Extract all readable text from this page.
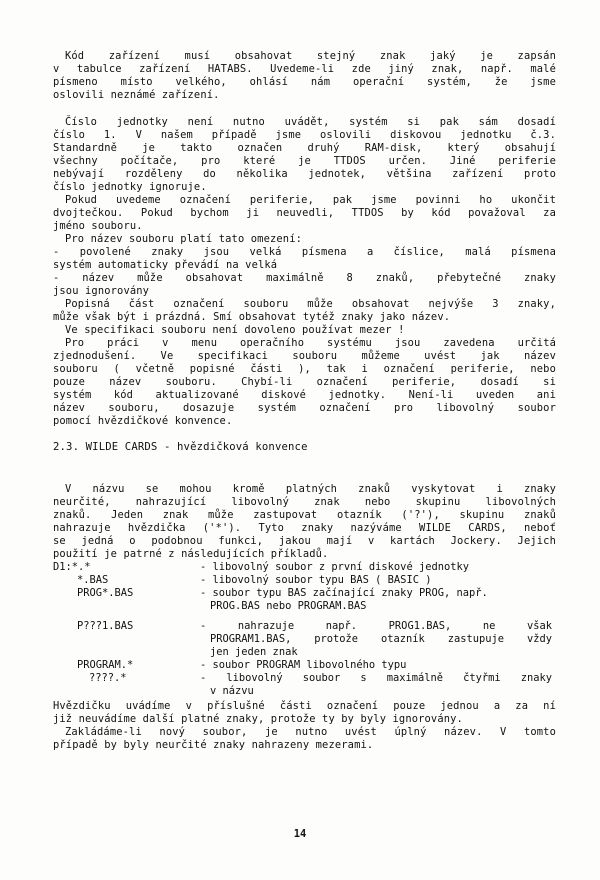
Kód zařízení musí obsahovat stejný znak jaký je zapsán
v tabulce zařízení HATABS. Uvedeme-li zde jiný znak, např. malé
písmeno místo velkého, ohlásí nám operační systém, že jsme
oslovili neznámé zařízení.
Číslo jednotky není nutno uvádět, systém si pak sám dosadí
číslo 1. V našem případě jsme oslovili diskovou jednotku č.3.
Standardně je takto označen druhý RAM-disk, který obsahují
všechny počítače, pro které je TTDOS určen. Jiné periferie
nebývají rozděleny do několika jednotek, většina zařízení proto
číslo jednotky ignoruje.
Pokud uvedeme označení periferie, pak jsme povinni ho ukončit
dvojtečkou. Pokud bychom ji neuvedli, TTDOS by kód považoval za
jméno souboru.
Pro název souboru platí tato omezení:
- povolené znaky jsou velká písmena a číslice, malá písmena
systém automaticky převádí na velká
- název může obsahovat maximálně 8 znaků, přebytečné znaky
jsou ignorovány
Popisná část označení souboru může obsahovat nejvýše 3 znaky,
může však být i prázdná. Smí obsahovat tytéž znaky jako název.
Ve specifikaci souboru není dovoleno používat mezer !
Pro práci v menu operačního systému jsou zavedena určitá
zjednodušení. Ve specifikaci souboru můžeme uvést jak název
souboru ( včetně popisné části ), tak i označení periferie, nebo
pouze název souboru. Chybí-li označení periferie, dosadí si
systém kód aktualizované diskové jednotky. Není-li uveden ani
název souboru, dosazuje systém označení pro libovolný soubor
pomocí hvězdičkové konvence.
2.3. WILDE CARDS - hvězdičková konvence
V názvu se mohou kromě platných znaků vyskytovat i znaky
neurčité, nahrazující libovolný znak nebo skupinu libovolných
znaků. Jeden znak může zastupovat otazník ('?'), skupinu znaků
nahrazuje hvězdička ('*'). Tyto znaky nazýváme WILDE CARDS, neboť
se jedná o podobnou funkci, jakou mají v kartách Jockery. Jejich
použití je patrné z následujících příkladů.
D1:*.*	- libovolný soubor z první diskové jednotky
*.BAS	- libovolný soubor typu BAS ( BASIC )
PROG*.BAS	- soubor typu BAS začínající znaky PROG, např.
PROG.BAS nebo PROGRAM.BAS
P???1.BAS	- nahrazuje např. PROG1.BAS, ne však
PROGRAM1.BAS, protože otazník zastupuje vždy
jen jeden znak
PROGRAM.*	- soubor PROGRAM libovolného typu
????.*	- libovolný soubor s maximálně čtyřmi znaky
v názvu
Hvězdičku uvádíme v příslušné části označení pouze jednou a za ní
již neuvádíme další platné znaky, protože ty by byly ignorovány.
Zakládáme-li nový soubor, je nutno uvést úplný název. V tomto
případě by byly neurčité znaky nahrazeny mezerami.
14
